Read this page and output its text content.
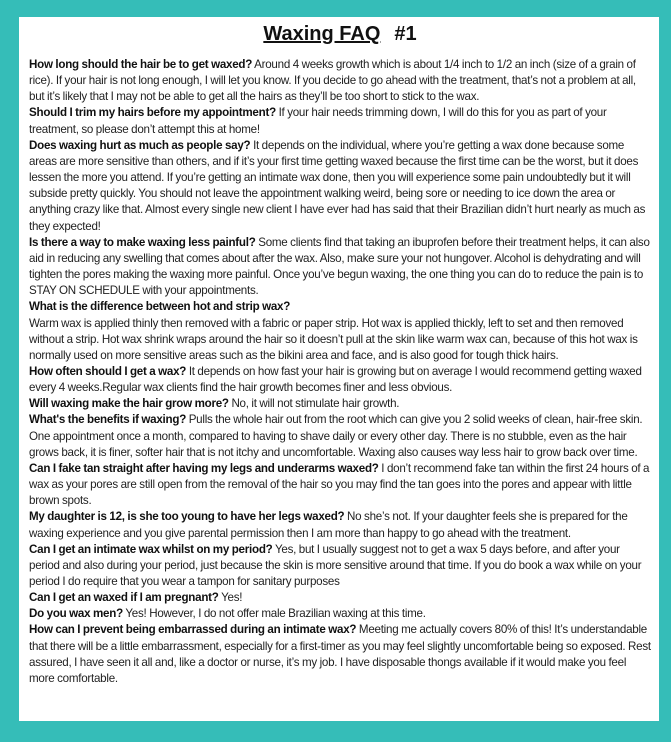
Waxing FAQ #1

How long should the hair be to get waxed? Around 4 weeks growth which is about 1/4 inch to 1/2 an inch (size of a grain of rice). If your hair is not long enough, I will let you know. If you decide to go ahead with the treatment, that’s not a problem at all, but it’s likely that I may not be able to get all the hairs as they’ll be too short to stick to the wax.

Should I trim my hairs before my appointment? If your hair needs trimming down, I will do this for you as part of your treatment, so please don’t attempt this at home!

Does waxing hurt as much as people say? It depends on the individual, where you’re getting a wax done because some areas are more sensitive than others, and if it’s your first time getting waxed because the first time can be the worst, but it does lessen the more you attend. If you’re getting an intimate wax done, then you will experience some pain undoubtedly but it will subside pretty quickly. You should not leave the appointment walking weird, being sore or needing to ice down the area or anything crazy like that. Almost every single new client I have ever had has said that their Brazilian didn’t hurt nearly as much as they expected!

Is there a way to make waxing less painful? Some clients find that taking an ibuprofen before their treatment helps, it can also aid in reducing any swelling that comes about after the wax. Also, make sure your not hungover. Alcohol is dehydrating and will tighten the pores making the waxing more painful. Once you’ve begun waxing, the one thing you can do to reduce the pain is to STAY ON SCHEDULE with your appointments.

What is the difference between hot and strip wax?
Warm wax is applied thinly then removed with a fabric or paper strip. Hot wax is applied thickly, left to set and then removed without a strip. Hot wax shrink wraps around the hair so it doesn’t pull at the skin like warm wax can, because of this hot wax is normally used on more sensitive areas such as the bikini area and face, and is also good for tough thick hairs.

How often should I get a wax? It depends on how fast your hair is growing but on average I would recommend getting waxed every 4 weeks.Regular wax clients find the hair growth becomes finer and less obvious.

Will waxing make the hair grow more? No, it will not stimulate hair growth.

What's the benefits if waxing? Pulls the whole hair out from the root which can give you 2 solid weeks of clean, hair-free skin. One appointment once a month, compared to having to shave daily or every other day. There is no stubble, even as the hair grows back, it is finer, softer hair that is not itchy and uncomfortable. Waxing also causes way less hair to grow back over time.

Can I fake tan straight after having my legs and underarms waxed? I don’t recommend fake tan within the first 24 hours of a wax as your pores are still open from the removal of the hair so you may find the tan goes into the pores and appear with little brown spots.

My daughter is 12, is she too young to have her legs waxed? No she’s not. If your daughter feels she is prepared for the waxing experience and you give parental permission then I am more than happy to go ahead with the treatment.

Can I get an intimate wax whilst on my period? Yes, but I usually suggest not to get a wax 5 days before, and after your period and also during your period, just because the skin is more sensitive around that time. If you do book a wax while on your period I do require that you wear a tampon for sanitary purposes

Can I get an waxed if I am pregnant? Yes!

Do you wax men? Yes! However, I do not offer male Brazilian waxing at this time.

How can I prevent being embarrassed during an intimate wax? Meeting me actually covers 80% of this! It’s understandable that there will be a little embarrassment, especially for a first-timer as you may feel slightly uncomfortable being so exposed. Rest assured, I have seen it all and, like a doctor or nurse, it’s my job. I have disposable thongs available if it would make you feel more comfortable.
